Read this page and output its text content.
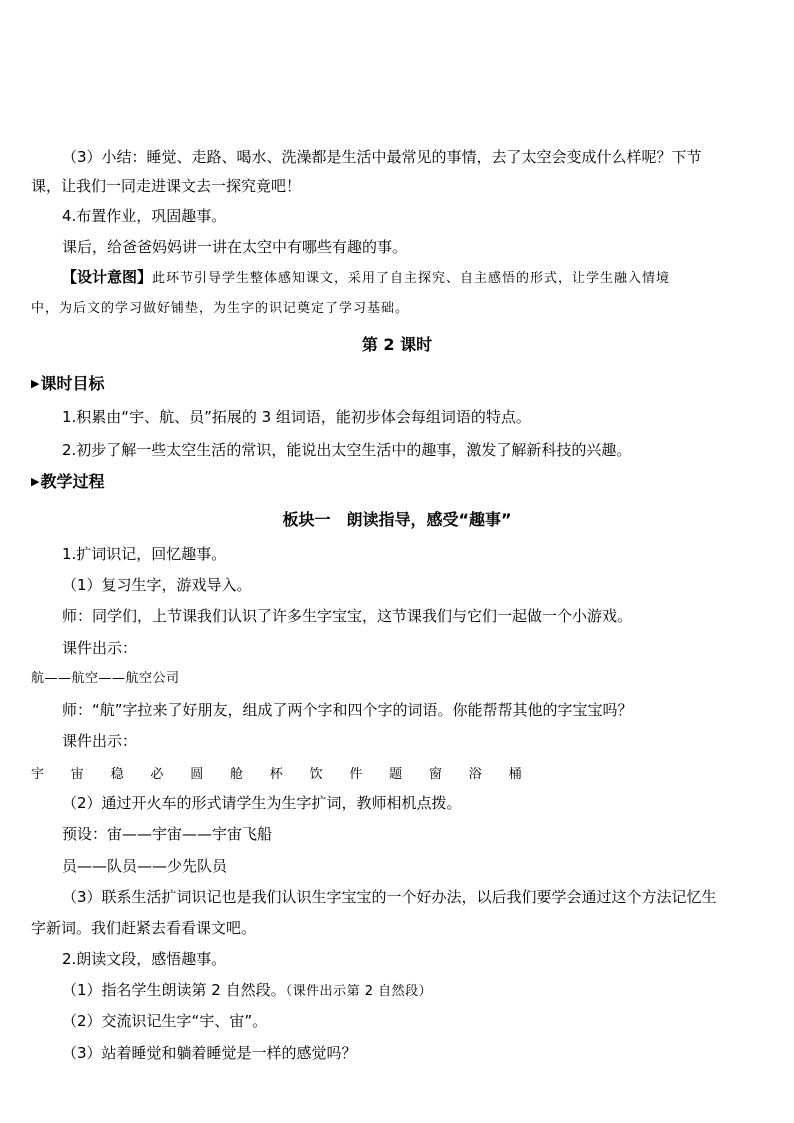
（3）小结：睡觉、走路、喝水、洗澡都是生活中最常见的事情，去了太空会变成什么样呢？下节
课，让我们一同走进课文去一探究竟吧！
4.布置作业，巩固趣事。
课后，给爸爸妈妈讲一讲在太空中有哪些有趣的事。
【设计意图】此环节引导学生整体感知课文，采用了自主探究、自主感悟的形式，让学生融入情境
中，为后文的学习做好铺垫，为生字的识记奠定了学习基础。
第 2 课时
▶课时目标
1.积累由“宇、航、员”拓展的 3 组词语，能初步体会每组词语的特点。
2.初步了解一些太空生活的常识，能说出太空生活中的趣事，激发了解新科技的兴趣。
▶教学过程
板块一　朗读指导，感受“趣事”
1.扩词识记，回忆趣事。
（1）复习生字，游戏导入。
师：同学们，上节课我们认识了许多生字宝宝，这节课我们与它们一起做一个小游戏。
课件出示：
航——航空——航空公司
师：“航”字拉来了好朋友，组成了两个字和四个字的词语。你能帮帮其他的字宝宝吗？
课件出示：
宇 宙 稳 必 圆 舱 杯 饮 件 题 窗 浴 桶
（2）通过开火车的形式请学生为生字扩词，教师相机点拨。
预设：宙——宇宙——宇宙飞船
员——队员——少先队员
（3）联系生活扩词识记也是我们认识生字宝宝的一个好办法，以后我们要学会通过这个方法记忆生
字新词。我们赶紧去看看课文吧。
2.朗读文段，感悟趣事。
（1）指名学生朗读第 2 自然段。（课件出示第 2 自然段）
（2）交流识记生字“宇、宙”。
（3）站着睡觉和躺着睡觉是一样的感觉吗？
